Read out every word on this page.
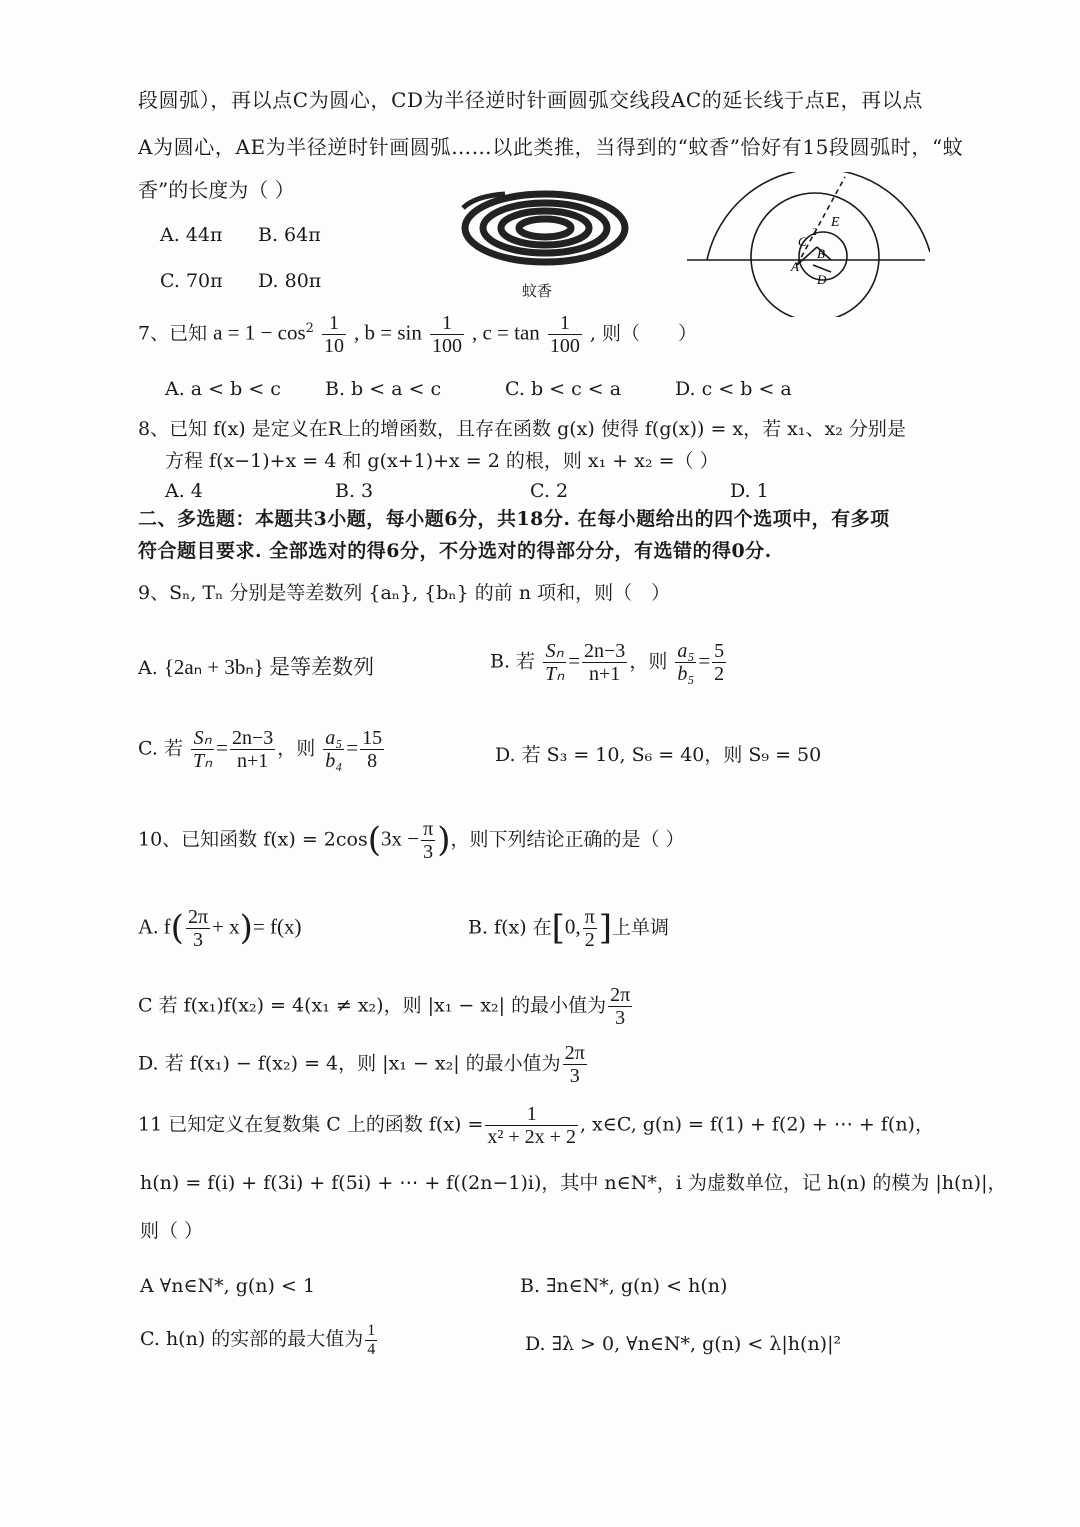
段圆弧），再以点C为圆心，CD为半径逆时针画圆弧交线段AC的延长线于点E，再以点
A为圆心，AE为半径逆时针画圆弧……以此类推，当得到的“蚊香”恰好有15段圆弧时，“蚊
香”的长度为（ ）
A. 44π B. 64π
C. 70π D. 80π	蚊香
E
C
2
B
A
D
7、已知 $a = 1 - \cos^2 \frac{1}{10}$ , $b = \sin \frac{1}{100}$ , $c = \tan \frac{1}{100}$ , 则（　　）
A. a < b < c B. b < a < c	C. b < c < a	D. c < b < a
8、已知 f(x) 是定义在R上的增函数，且存在函数 g(x) 使得 f(g(x)) = x，若 x₁、x₂ 分别是
方程 f(x−1)+x = 4 和 g(x+1)+x = 2 的根，则 x₁ + x₂ =（ ）
A. 4	B. 3	C. 2	D. 1
二、多选题：本题共3小题，每小题6分，共18分. 在每小题给出的四个选项中，有多项
符合题目要求. 全部选对的得6分，不分选对的得部分分，有选错的得0分.
9、Sₙ, Tₙ 分别是等差数列 {aₙ}, {bₙ} 的前 n 项和，则（　）
A. {2aₙ + 3bₙ} 是等差数列	B. 若 $\frac{\text{Sₙ}}{\text{Tₙ}} = \frac{2n-3}{n+1}$ ，则 $\frac{\text{a₅}}{\text{b₅}} = \frac{5}{2}$
C. 若 $\frac{\text{Sₙ}}{\text{Tₙ}} = \frac{2n-3}{n+1}$ ，则 $\frac{\text{a₅}}{\text{b₄}} = \frac{15}{8}$	D. 若 S₃ = 10, S₆ = 40，则 S₉ = 50
10、已知函数 $f(x) = 2\cos(3x - \frac{\pi}{3}$ )，则下列结论正确的是（ ）
A. $f( \frac{2\pi}{3} + x)= f(x)$	B. f(x) 在[0, $\frac{\pi}{2}$ ]上单调
C 若 f(x₁)f(x₂) = 4(x₁ ≠ x₂)，则 |x₁ − x₂| 的最小值为 $\frac{2\pi}{3}$
D. 若 f(x₁) − f(x₂) = 4，则 |x₁ − x₂| 的最小值为 $\frac{2\pi}{3}$
11 已知定义在复数集 C 上的函数 $f(x) = \frac{1}{\text{x² + 2x + 2}}$ , x∈C, g(n) = f(1) + f(2) + ⋯ + f(n)，
h(n) = f(i) + f(3i) + f(5i) + ⋯ + f((2n−1)i)，其中 n∈N*，i 为虚数单位，记 h(n) 的模为 |h(n)|，
则（ ）
A ∀n∈N*, g(n) < 1	B. ∃n∈N*, g(n) < h(n)
C. h(n) 的实部的最大值为 $\frac{1}{4}$	D. ∃λ > 0, ∀n∈N*, g(n) < λ|h(n)|²
